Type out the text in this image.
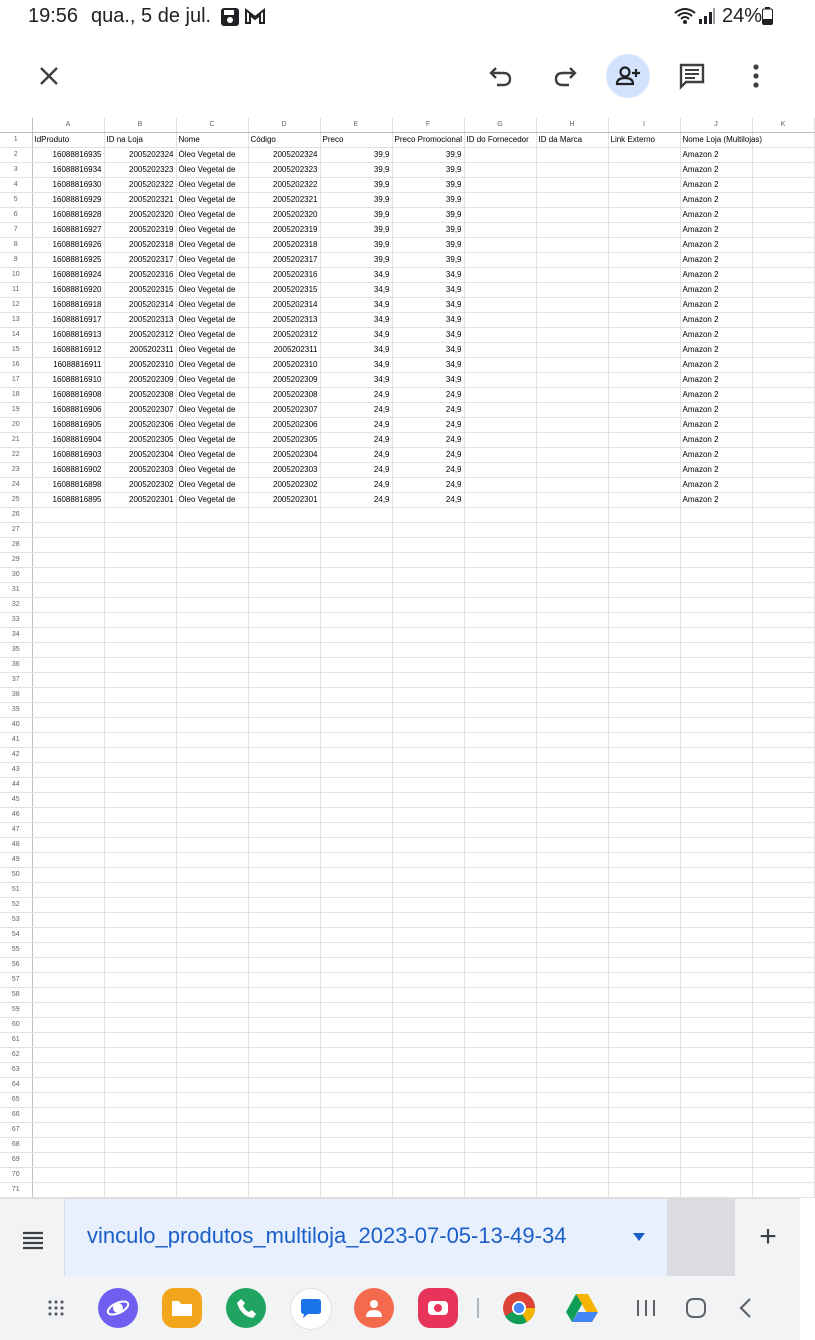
19:56 qua., 5 de jul.	24%
	A	B	C	D	E	F	G	H	I	J	K	
1	IdProduto	ID na Loja	Nome	Código	Preco	Preco Promocional	ID do Fornecedor	ID da Marca	Link Externo	Nome Loja (Multilojas)		
2	16088816935	2005202324	Óleo Vegetal de	2005202324	39,9	39,9				Amazon 2		
3	16088816934	2005202323	Óleo Vegetal de	2005202323	39,9	39,9				Amazon 2		
4	16088816930	2005202322	Óleo Vegetal de	2005202322	39,9	39,9				Amazon 2		
5	16088816929	2005202321	Óleo Vegetal de	2005202321	39,9	39,9				Amazon 2		
6	16088816928	2005202320	Óleo Vegetal de	2005202320	39,9	39,9				Amazon 2		
7	16088816927	2005202319	Óleo Vegetal de	2005202319	39,9	39,9				Amazon 2		
8	16088816926	2005202318	Óleo Vegetal de	2005202318	39,9	39,9				Amazon 2		
9	16088816925	2005202317	Óleo Vegetal de	2005202317	39,9	39,9				Amazon 2		
10	16088816924	2005202316	Óleo Vegetal de	2005202316	34,9	34,9				Amazon 2		
11	16088816920	2005202315	Óleo Vegetal de	2005202315	34,9	34,9				Amazon 2		
12	16088816918	2005202314	Óleo Vegetal de	2005202314	34,9	34,9				Amazon 2		
13	16088816917	2005202313	Óleo Vegetal de	2005202313	34,9	34,9				Amazon 2		
14	16088816913	2005202312	Óleo Vegetal de	2005202312	34,9	34,9				Amazon 2		
15	16088816912	2005202311	Óleo Vegetal de	2005202311	34,9	34,9				Amazon 2		
16	16088816911	2005202310	Óleo Vegetal de	2005202310	34,9	34,9				Amazon 2		
17	16088816910	2005202309	Óleo Vegetal de	2005202309	34,9	34,9				Amazon 2		
18	16088816908	2005202308	Óleo Vegetal de	2005202308	24,9	24,9				Amazon 2		
19	16088816906	2005202307	Óleo Vegetal de	2005202307	24,9	24,9				Amazon 2		
20	16088816905	2005202306	Óleo Vegetal de	2005202306	24,9	24,9				Amazon 2		
21	16088816904	2005202305	Óleo Vegetal de	2005202305	24,9	24,9				Amazon 2		
22	16088816903	2005202304	Óleo Vegetal de	2005202304	24,9	24,9				Amazon 2		
23	16088816902	2005202303	Óleo Vegetal de	2005202303	24,9	24,9				Amazon 2		
24	16088816898	2005202302	Óleo Vegetal de	2005202302	24,9	24,9				Amazon 2		
25	16088816895	2005202301	Óleo Vegetal de	2005202301	24,9	24,9				Amazon 2		
26												
27												
28												
29												
30												
31												
32												
33												
34												
35												
36												
37												
38												
39												
40												
41												
42												
43												
44												
45												
46												
47												
48												
49												
50												
51												
52												
53												
54												
55												
56												
57												
58												
59												
60												
61												
62												
63												
64												
65												
66												
67												
68												
69												
70												
71												
vinculo_produtos_multiloja_2023-07-05-13-49-34	+
